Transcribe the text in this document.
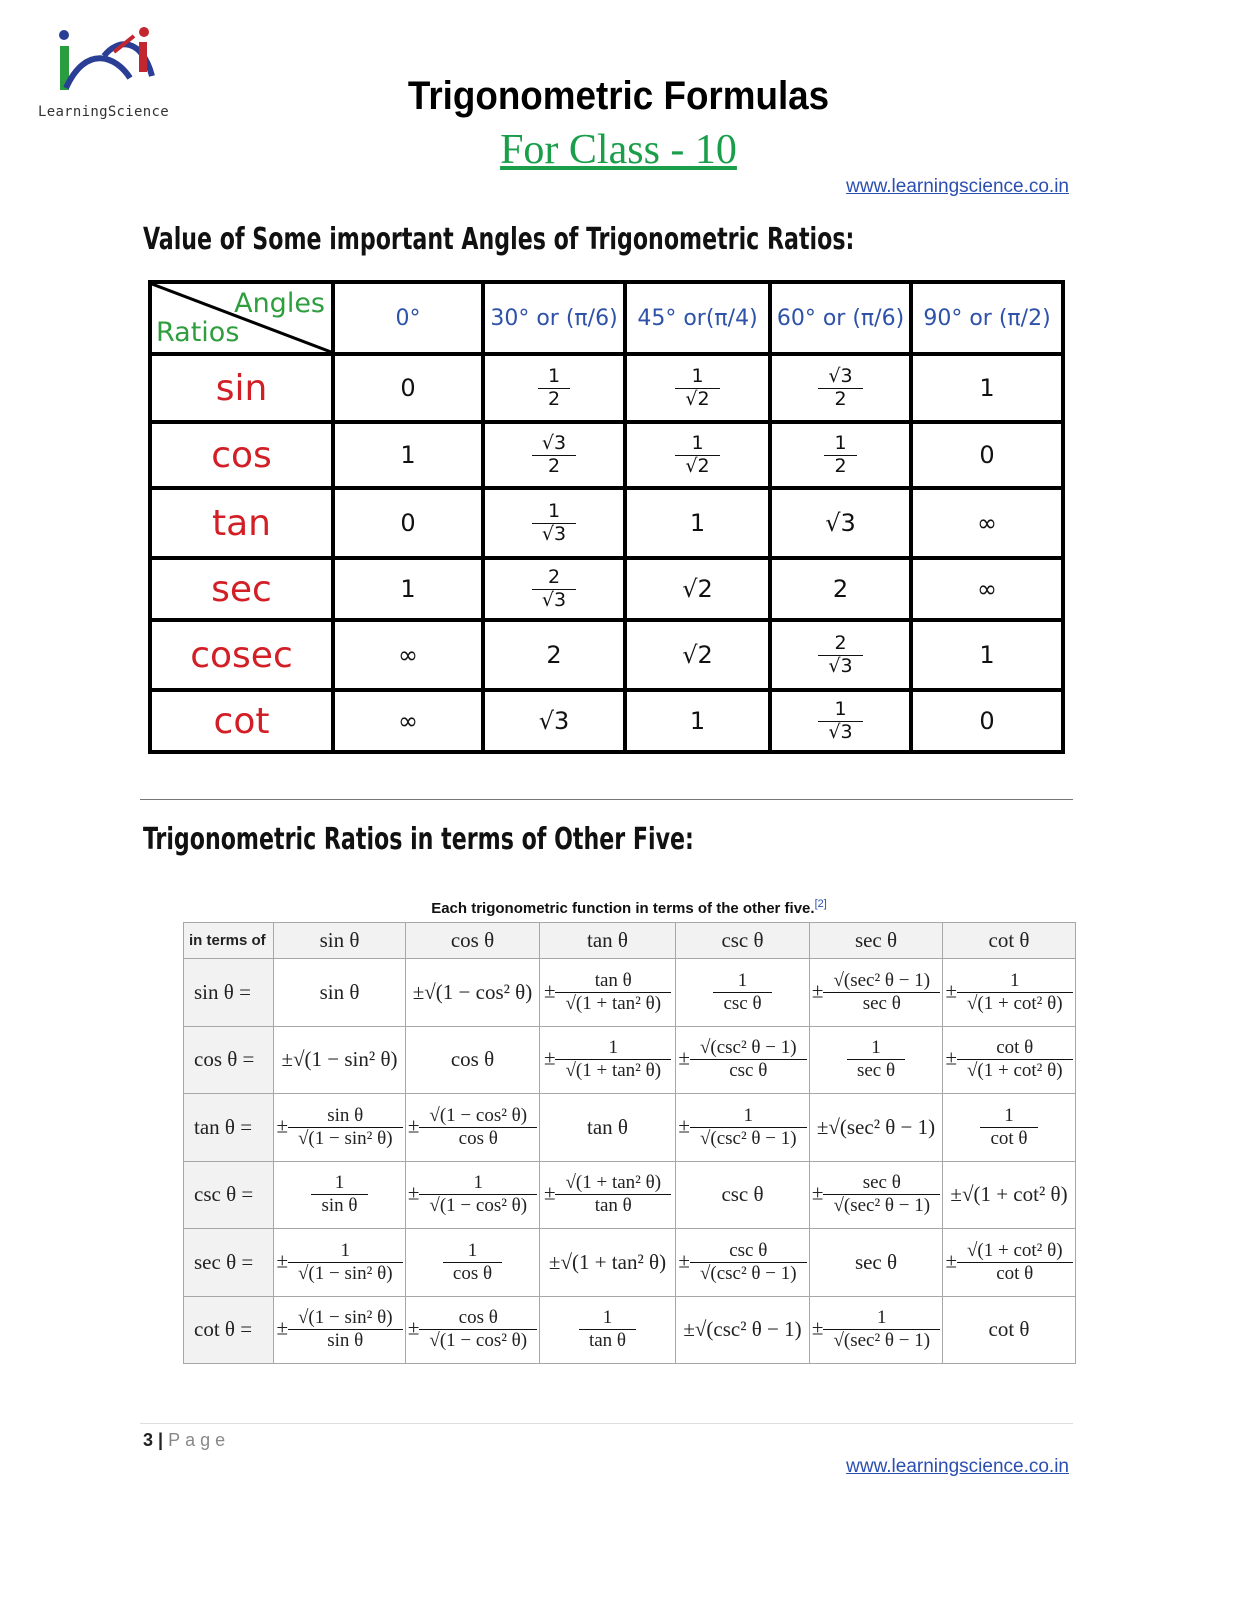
LearningScience	Trigonometric Formulas
For Class - 10
www.learningscience.co.in
Value of Some important Angles of Trigonometric Ratios:
Angles
Ratios	0°	30° or (π/6)	45° or(π/4)	60° or (π/6)	90° or (π/2)
sin	0	$\frac{1}{2}$	$\frac{1}{√2}$	$\frac{√3}{2}$	1
cos	1	$\frac{√3}{2}$	$\frac{1}{√2}$	$\frac{1}{2}$	0
tan	0	$\frac{1}{√3}$	1	√3	∞
sec	1	$\frac{2}{√3}$	√2	2	∞
cosec	∞	2	√2	$\frac{2}{√3}$	1
cot	∞	√3	1	$\frac{1}{√3}$	0
Trigonometric Ratios in terms of Other Five:
Each trigonometric function in terms of the other five.[2]
in terms of	sin θ	cos θ	tan θ	csc θ	sec θ	cot θ
sin θ =	sin θ	±√(1 − cos² θ)	± $\frac{\text{tan θ}}{\text{√(1 + tan² θ)}}$	$\frac{1}{\text{csc θ}}$	± $\frac{\text{√(sec² θ − 1)}}{\text{sec θ}}$	± $\frac{1}{\text{√(1 + cot² θ)}}$

cos θ =	±√(1 − sin² θ)	cos θ	± $\frac{1}{\text{√(1 + tan² θ)}}$	± $\frac{\text{√(csc² θ − 1)}}{\text{csc θ}}$	$\frac{1}{\text{sec θ}}$	± $\frac{\text{cot θ}}{\text{√(1 + cot² θ)}}$

tan θ =	± $\frac{\text{sin θ}}{\text{√(1 − sin² θ)}}$	± $\frac{\text{√(1 − cos² θ)}}{\text{cos θ}}$	tan θ	± $\frac{1}{\text{√(csc² θ − 1)}}$	±√(sec² θ − 1)	$\frac{1}{\text{cot θ}}$

csc θ =	$\frac{1}{\text{sin θ}}$	± $\frac{1}{\text{√(1 − cos² θ)}}$	± $\frac{\text{√(1 + tan² θ)}}{\text{tan θ}}$	csc θ	± $\frac{\text{sec θ}}{\text{√(sec² θ − 1)}}$	±√(1 + cot² θ)
sec θ =	± $\frac{1}{\text{√(1 − sin² θ)}}$	$\frac{1}{\text{cos θ}}$	±√(1 + tan² θ)	± $\frac{\text{csc θ}}{\text{√(csc² θ − 1)}}$	sec θ	± $\frac{\text{√(1 + cot² θ)}}{\text{cot θ}}$

cot θ =	± $\frac{\text{√(1 − sin² θ)}}{\text{sin θ}}$	± $\frac{\text{cos θ}}{\text{√(1 − cos² θ)}}$	$\frac{1}{\text{tan θ}}$	±√(csc² θ − 1)	± $\frac{1}{\text{√(sec² θ − 1)}}$	cot θ
3 | Page
www.learningscience.co.in
